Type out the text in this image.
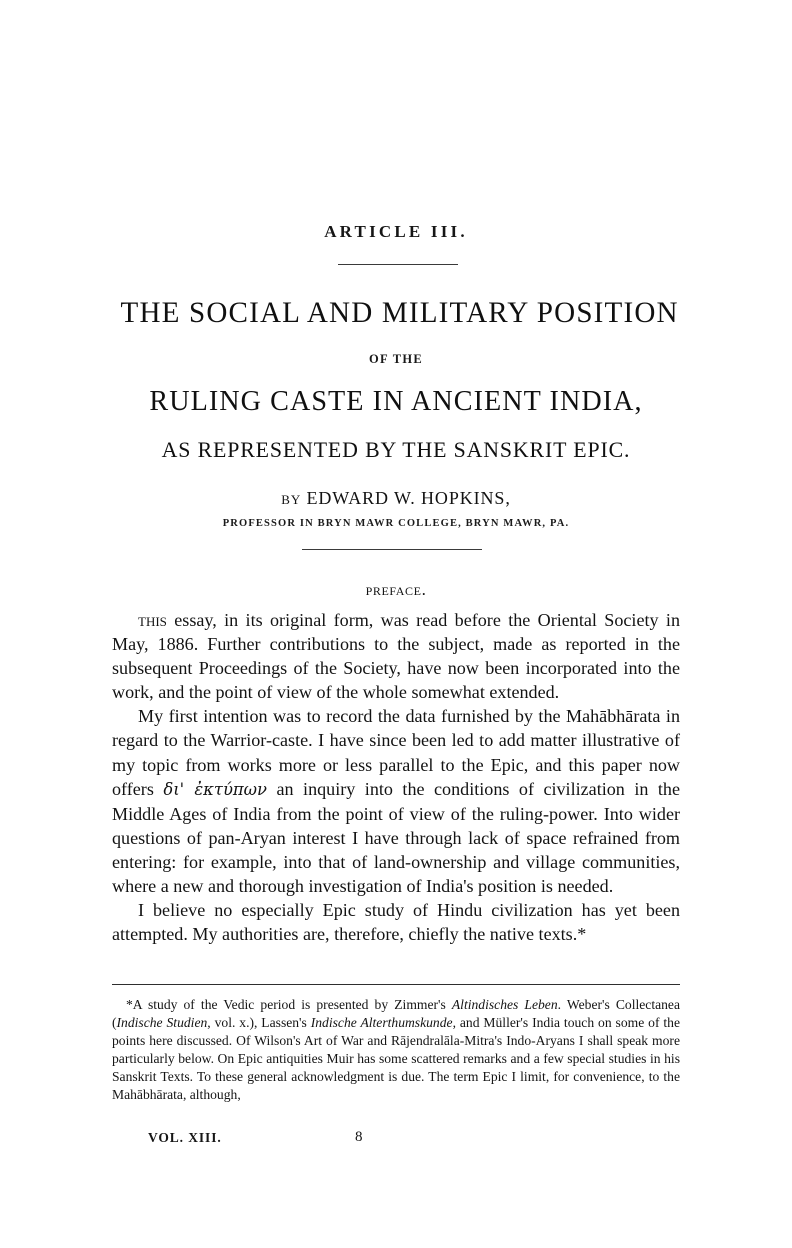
ARTICLE III.
THE SOCIAL AND MILITARY POSITION
OF THE
RULING CASTE IN ANCIENT INDIA,
AS REPRESENTED BY THE SANSKRIT EPIC.
by EDWARD W. HOPKINS,
PROFESSOR IN BRYN MAWR COLLEGE, BRYN MAWR, PA.
preface.

this essay, in its original form, was read before the Oriental Society in May, 1886. Further contributions to the subject, made as reported in the subsequent Proceedings of the Society, have now been incorporated into the work, and the point of view of the whole somewhat extended.

My first intention was to record the data furnished by the Mahābhārata in regard to the Warrior-caste. I have since been led to add matter illustrative of my topic from works more or less parallel to the Epic, and this paper now offers δι' ἐκτύπων an inquiry into the conditions of civilization in the Middle Ages of India from the point of view of the ruling-power. Into wider questions of pan-Aryan interest I have through lack of space refrained from entering: for example, into that of land-ownership and village communities, where a new and thorough investigation of India's position is needed.

I believe no especially Epic study of Hindu civilization has yet been attempted. My authorities are, therefore, chiefly the native texts.*

*A study of the Vedic period is presented by Zimmer's Altindisches Leben. Weber's Collectanea (Indische Studien, vol. x.), Lassen's Indische Alterthumskunde, and Müller's India touch on some of the points here discussed. Of Wilson's Art of War and Rājendralāla-Mitra's Indo-Aryans I shall speak more particularly below. On Epic antiquities Muir has some scattered remarks and a few special studies in his Sanskrit Texts. To these general acknowledgment is due. The term Epic I limit, for convenience, to the Mahābhārata, although,

VOL. XIII.	8
